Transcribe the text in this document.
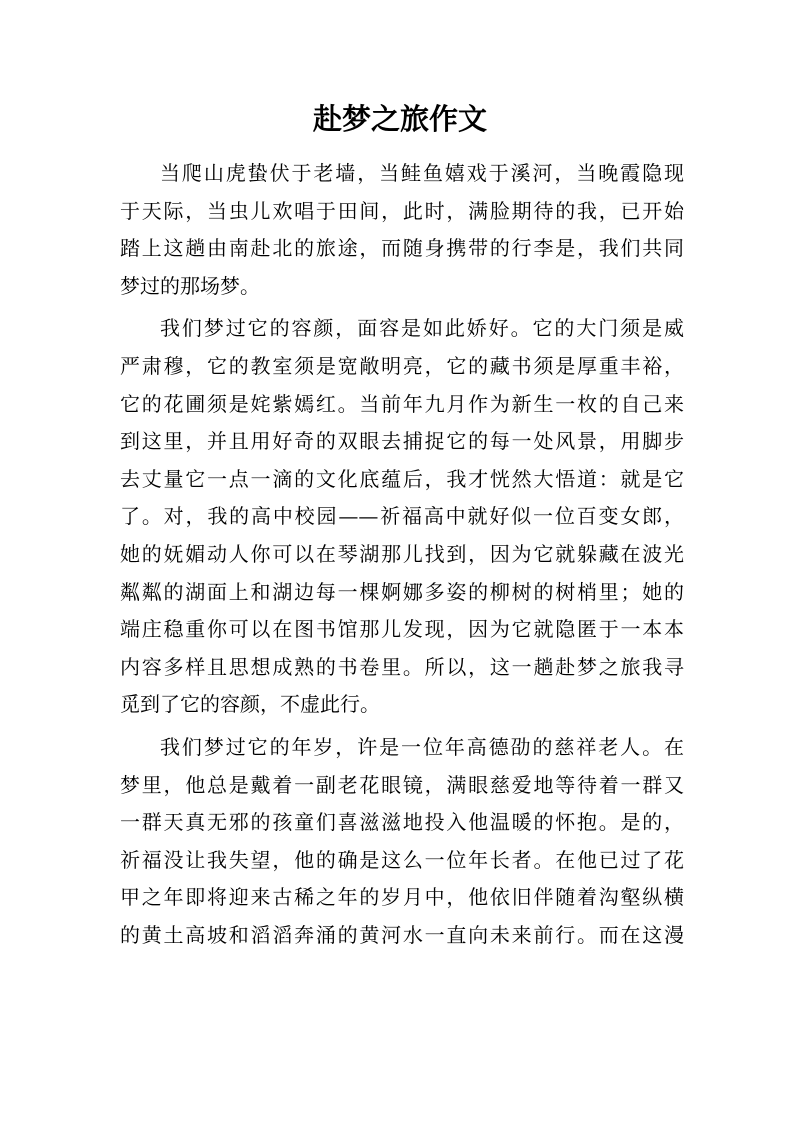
赴梦之旅作文
当爬山虎蛰伏于老墙，当鲑鱼嬉戏于溪河，当晚霞隐现
于天际，当虫儿欢唱于田间，此时，满脸期待的我，已开始
踏上这趟由南赴北的旅途，而随身携带的行李是，我们共同
梦过的那场梦。
我们梦过它的容颜，面容是如此娇好。它的大门须是威
严肃穆，它的教室须是宽敞明亮，它的藏书须是厚重丰裕，
它的花圃须是姹紫嫣红。当前年九月作为新生一枚的自己来
到这里，并且用好奇的双眼去捕捉它的每一处风景，用脚步
去丈量它一点一滴的文化底蕴后，我才恍然大悟道：就是它
了。对，我的高中校园——祈福高中就好似一位百变女郎，
她的妩媚动人你可以在琴湖那儿找到，因为它就躲藏在波光
粼粼的湖面上和湖边每一棵婀娜多姿的柳树的树梢里；她的
端庄稳重你可以在图书馆那儿发现，因为它就隐匿于一本本
内容多样且思想成熟的书卷里。所以，这一趟赴梦之旅我寻
觅到了它的容颜，不虚此行。
我们梦过它的年岁，许是一位年高德劭的慈祥老人。在
梦里，他总是戴着一副老花眼镜，满眼慈爱地等待着一群又
一群天真无邪的孩童们喜滋滋地投入他温暖的怀抱。是的，
祈福没让我失望，他的确是这么一位年长者。在他已过了花
甲之年即将迎来古稀之年的岁月中，他依旧伴随着沟壑纵横
的黄土高坡和滔滔奔涌的黄河水一直向未来前行。而在这漫
